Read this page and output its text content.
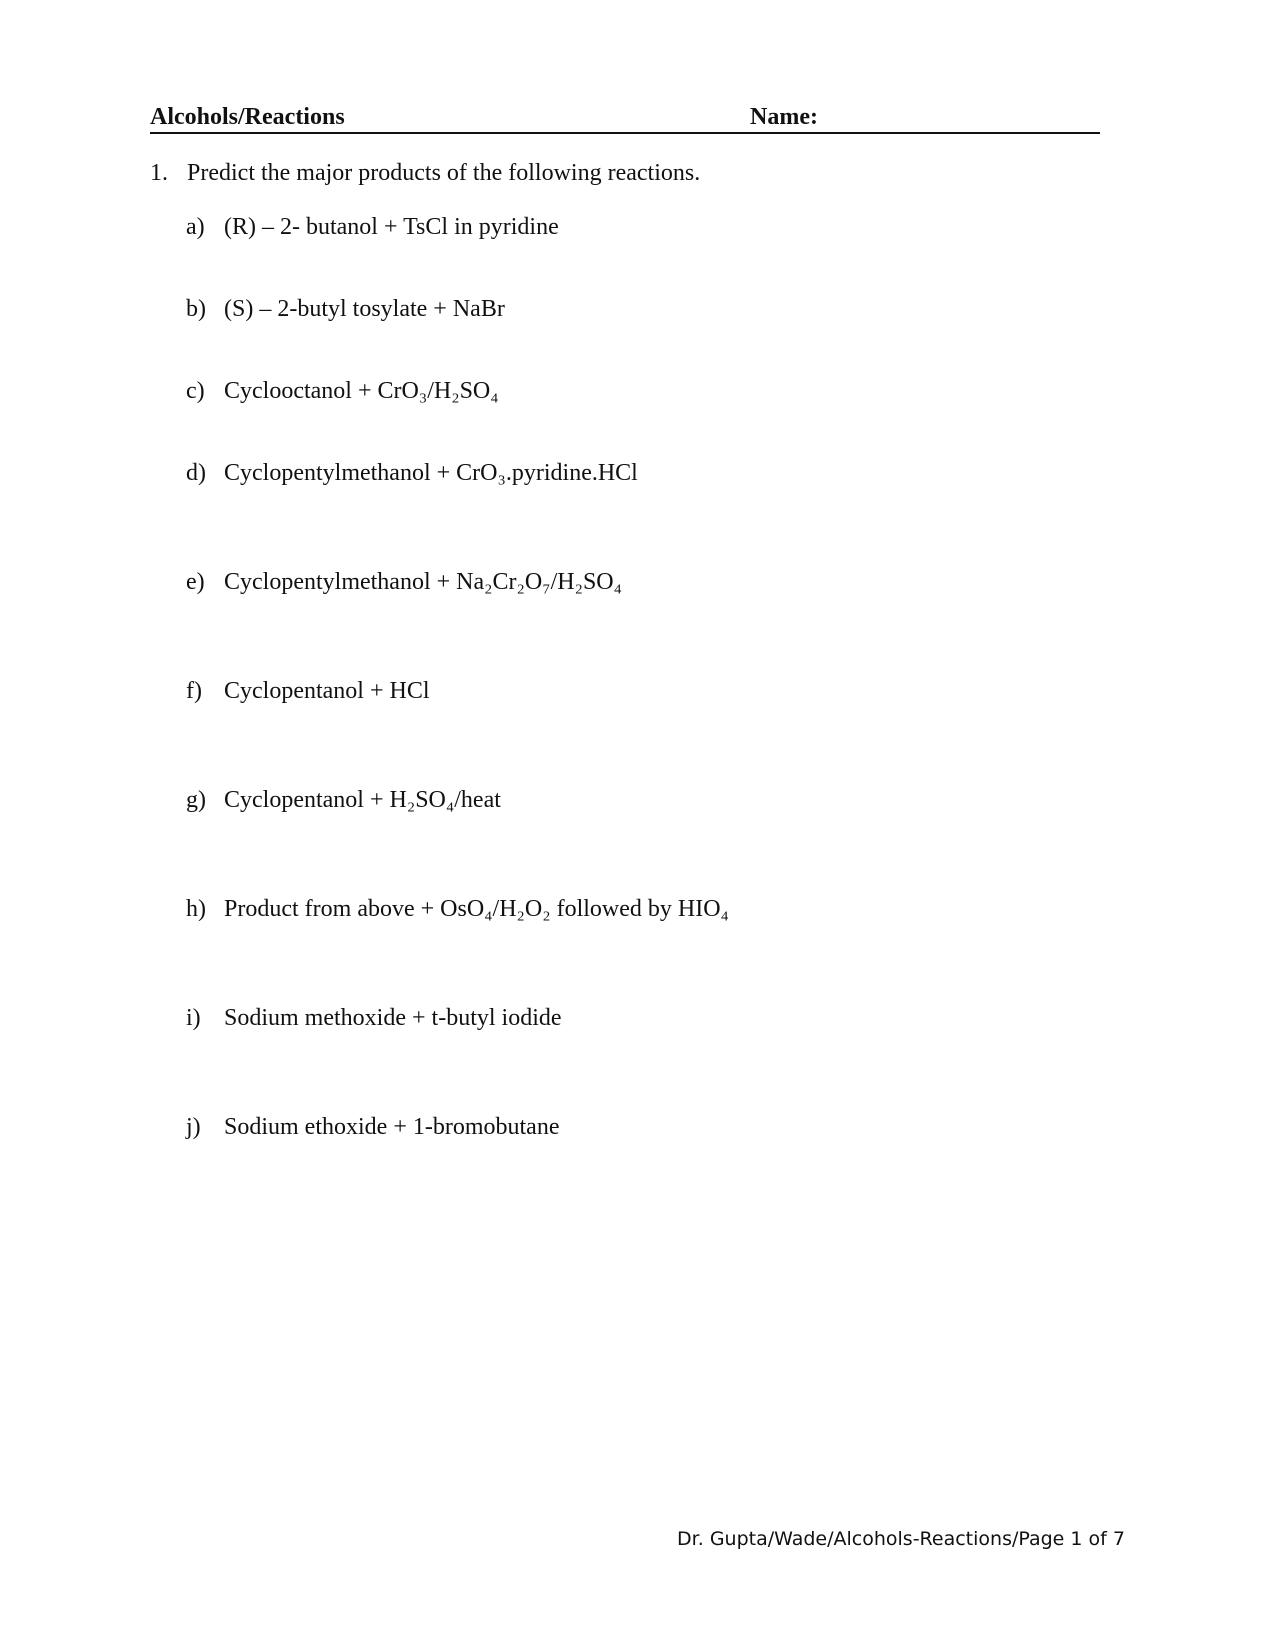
Alcohols/Reactions	Name:
1. Predict the major products of the following reactions.
a) (R) – 2- butanol + TsCl in pyridine
b) (S) – 2-butyl tosylate + NaBr
c) Cyclooctanol + CrO₃/H₂SO₄
d) Cyclopentylmethanol + CrO₃.pyridine.HCl
e) Cyclopentylmethanol + Na₂Cr₂O₇/H₂SO₄
f) Cyclopentanol + HCl
g) Cyclopentanol + H₂SO₄/heat
h) Product from above + OsO₄/H₂O₂ followed by HIO₄
i) Sodium methoxide + t-butyl iodide
j) Sodium ethoxide + 1-bromobutane
Dr. Gupta/Wade/Alcohols-Reactions/Page 1 of 7
